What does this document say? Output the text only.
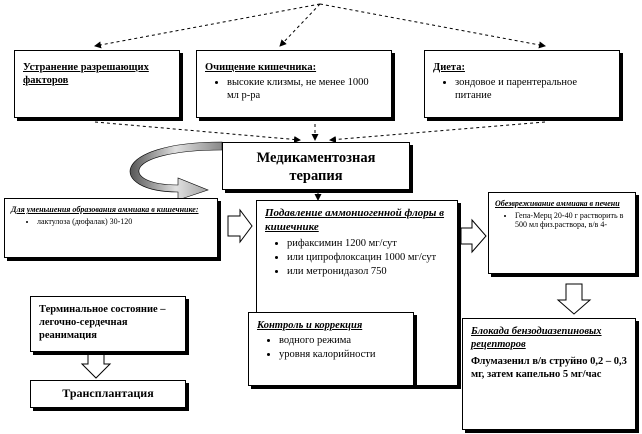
Устранение разрешающих факторов
Очищение кишечника:
• высокие клизмы, не менее 1000 мл р-ра
Диета:
• зондовое и парентеральное питание
Медикаментозная терапия
Для уменьшения образования аммиака в кишечнике:
• лактулоза (дюфалак) 30-120
Подавление аммониогенной флоры в кишечнике
• рифаксимин 1200 мг/сут
• или ципрофлоксацин 1000 мг/сут
• или метронидазол 750
Контроль и коррекция
• водного режима
• уровня калорийности
Обезвреживание аммиака в печени
• Гепа-Мерц 20-40 г растворить в 500 мл физ.раствора, в/в 4-
Терминальное состояние – легочно-сердечная реанимация
Трансплантация
Блокада бензодиазепиновых рецепторов
Флумазенил в/в струйно 0,2 – 0,3 мг, затем капельно 5 мг/час
